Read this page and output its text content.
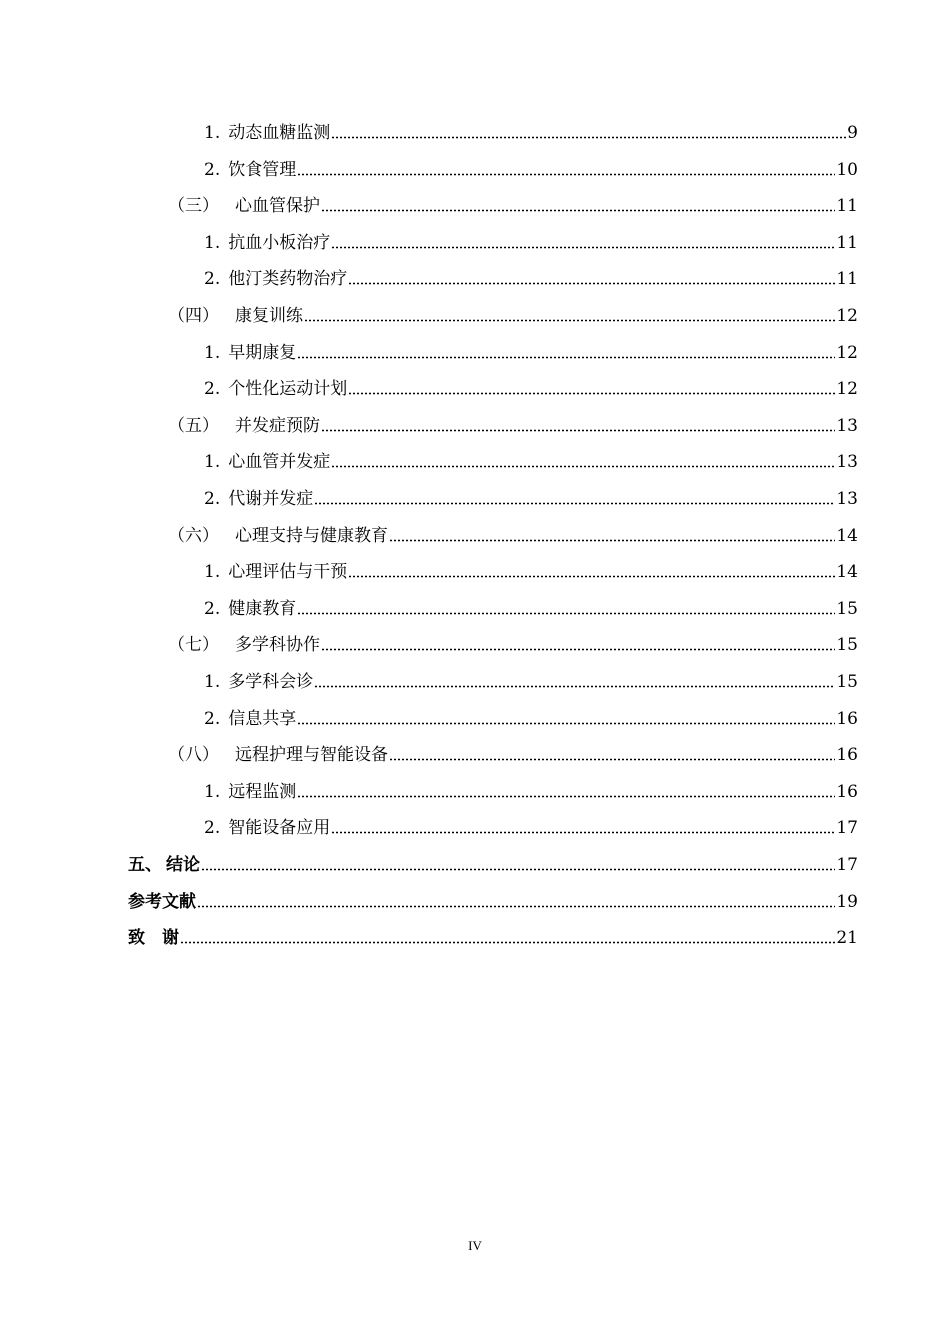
1. 动态血糖监测	9
2. 饮食管理	10
（三） 心血管保护	11
1. 抗血小板治疗	11
2. 他汀类药物治疗	11
（四） 康复训练	12
1. 早期康复	12
2. 个性化运动计划	12
（五） 并发症预防	13
1. 心血管并发症	13
2. 代谢并发症	13
（六） 心理支持与健康教育	14
1. 心理评估与干预	14
2. 健康教育	15
（七） 多学科协作	15
1. 多学科会诊	15
2. 信息共享	16
（八） 远程护理与智能设备	16
1. 远程监测	16
2. 智能设备应用	17
五、 结论	17
参考文献	19
致　谢	21
IV
